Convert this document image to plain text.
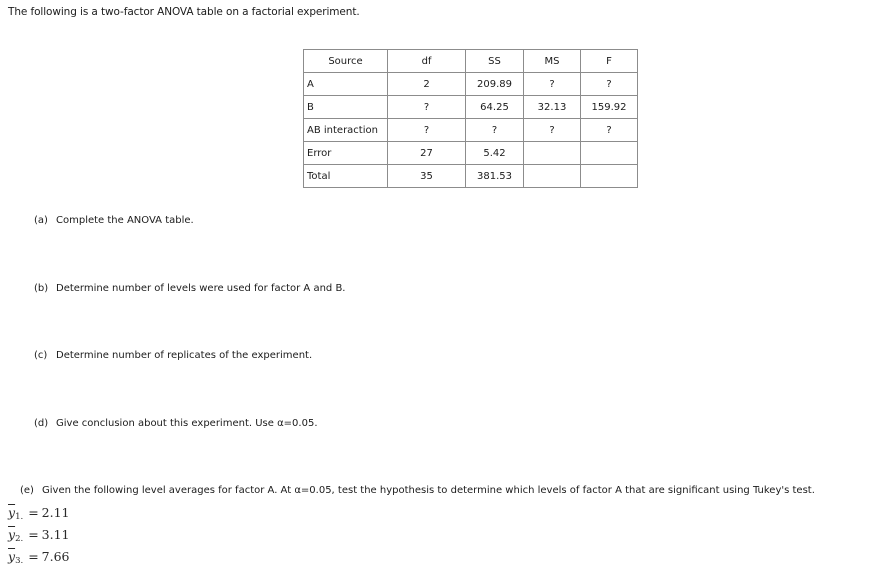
The following is a two-factor ANOVA table on a factorial experiment.
Source	df	SS	MS	F
A	2	209.89	?	?
B	?	64.25	32.13	159.92
AB interaction	?	?	?	?
Error	27	5.42		
Total	35	381.53		
(a) Complete the ANOVA table.
(b) Determine number of levels were used for factor A and B.
(c) Determine number of replicates of the experiment.
(d) Give conclusion about this experiment. Use α=0.05.
(e) Given the following level averages for factor A. At α=0.05, test the hypothesis to determine which levels of factor A that are significant using Tukey's test.
$\overline{y}_{1.} = 2.11$
$\overline{y}_{2.} = 3.11$
$\overline{y}_{3.} = 7.66$
